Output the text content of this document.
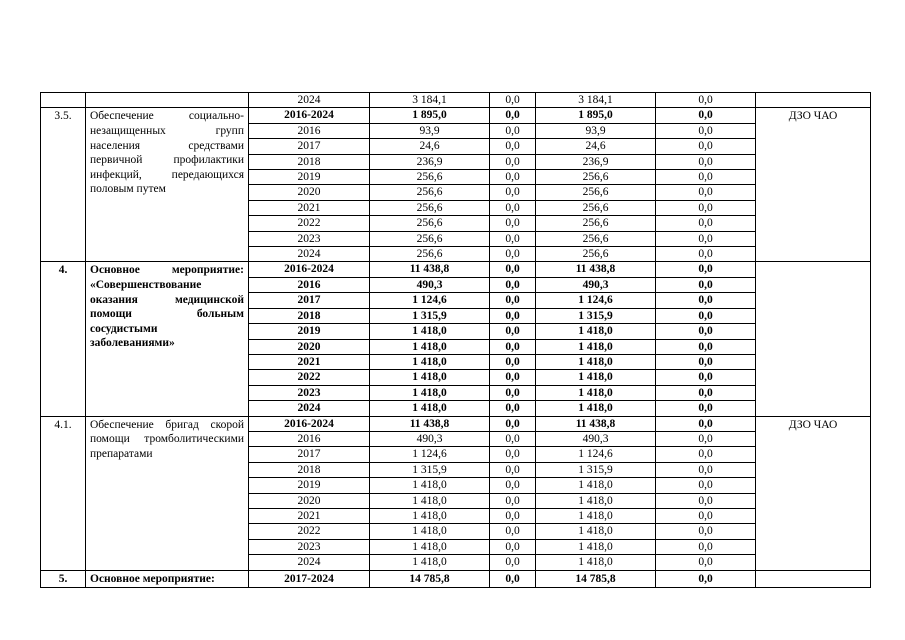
		2024	3 184,1	0,0	3 184,1	0,0	
3.5.	Обеспечение социально-незащищенных групп населения средствами первичной профилактики инфекций, передающихся половым путем	2016-2024	1 895,0	0,0	1 895,0	0,0	ДЗО ЧАО
		2016	93,9	0,0	93,9	0,0	
		2017	24,6	0,0	24,6	0,0	
		2018	236,9	0,0	236,9	0,0	
		2019	256,6	0,0	256,6	0,0	
		2020	256,6	0,0	256,6	0,0	
		2021	256,6	0,0	256,6	0,0	
		2022	256,6	0,0	256,6	0,0	
		2023	256,6	0,0	256,6	0,0	
		2024	256,6	0,0	256,6	0,0	
4.	Основное мероприятие: «Совершенствование оказания медицинской помощи больным сосудистыми заболеваниями»	2016-2024	11 438,8	0,0	11 438,8	0,0	
		2016	490,3	0,0	490,3	0,0	
		2017	1 124,6	0,0	1 124,6	0,0	
		2018	1 315,9	0,0	1 315,9	0,0	
		2019	1 418,0	0,0	1 418,0	0,0	
		2020	1 418,0	0,0	1 418,0	0,0	
		2021	1 418,0	0,0	1 418,0	0,0	
		2022	1 418,0	0,0	1 418,0	0,0	
		2023	1 418,0	0,0	1 418,0	0,0	
		2024	1 418,0	0,0	1 418,0	0,0	
4.1.	Обеспечение бригад скорой помощи тромболитическими препаратами	2016-2024	11 438,8	0,0	11 438,8	0,0	ДЗО ЧАО
		2016	490,3	0,0	490,3	0,0	
		2017	1 124,6	0,0	1 124,6	0,0	
		2018	1 315,9	0,0	1 315,9	0,0	
		2019	1 418,0	0,0	1 418,0	0,0	
		2020	1 418,0	0,0	1 418,0	0,0	
		2021	1 418,0	0,0	1 418,0	0,0	
		2022	1 418,0	0,0	1 418,0	0,0	
		2023	1 418,0	0,0	1 418,0	0,0	
		2024	1 418,0	0,0	1 418,0	0,0	
5.	Основное мероприятие:	2017-2024	14 785,8	0,0	14 785,8	0,0	
